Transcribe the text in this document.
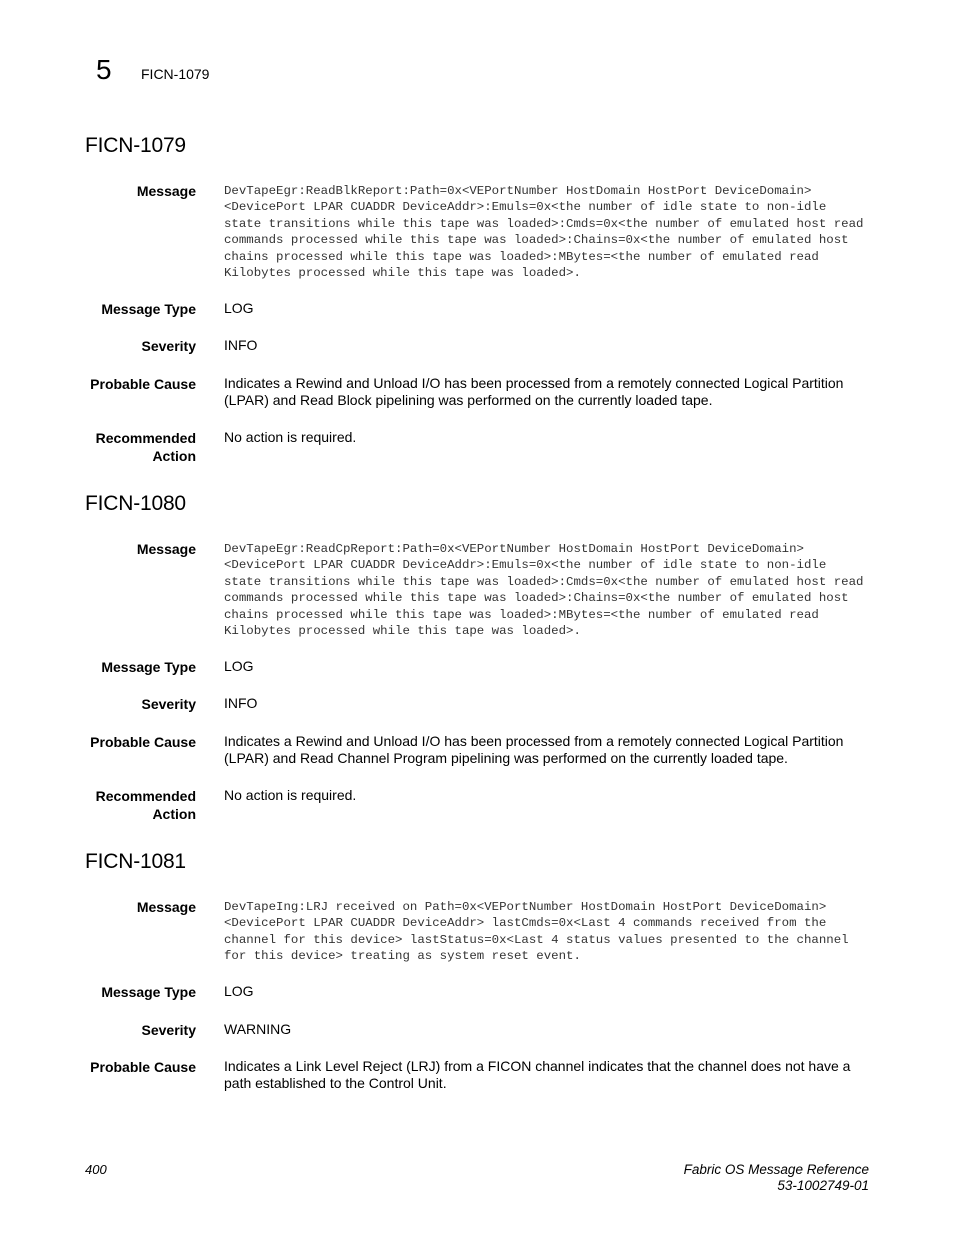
5 FICN-1079
FICN-1079
Message DevTapeEgr:ReadBlkReport:Path=0x<VEPortNumber HostDomain HostPort DeviceDomain><DevicePort LPAR CUADDR DeviceAddr>:Emuls=0x<the number of idle state to non-idle state transitions while this tape was loaded>:Cmds=0x<the number of emulated host read commands processed while this tape was loaded>:Chains=0x<the number of emulated host chains processed while this tape was loaded>:MBytes=<the number of emulated read Kilobytes processed while this tape was loaded>.
Message Type LOG
Severity INFO
Probable Cause Indicates a Rewind and Unload I/O has been processed from a remotely connected Logical Partition (LPAR) and Read Block pipelining was performed on the currently loaded tape.
Recommended
Action
No action is required.
FICN-1080
Message DevTapeEgr:ReadCpReport:Path=0x<VEPortNumber HostDomain HostPort DeviceDomain><DevicePort LPAR CUADDR DeviceAddr>:Emuls=0x<the number of idle state to non-idle state transitions while this tape was loaded>:Cmds=0x<the number of emulated host read commands processed while this tape was loaded>:Chains=0x<the number of emulated host chains processed while this tape was loaded>:MBytes=<the number of emulated read Kilobytes processed while this tape was loaded>.
Message Type LOG
Severity INFO
Probable Cause Indicates a Rewind and Unload I/O has been processed from a remotely connected Logical Partition (LPAR) and Read Channel Program pipelining was performed on the currently loaded tape.
Recommended
Action
No action is required.
FICN-1081
Message DevTapeIng:LRJ received on Path=0x<VEPortNumber HostDomain HostPort DeviceDomain><DevicePort LPAR CUADDR DeviceAddr> lastCmds=0x<Last 4 commands received from the channel for this device> lastStatus=0x<Last 4 status values presented to the channel for this device> treating as system reset event.
Message Type LOG
Severity WARNING
Probable Cause Indicates a Link Level Reject (LRJ) from a FICON channel indicates that the channel does not have a path established to the Control Unit.
400	Fabric OS Message Reference
53-1002749-01
